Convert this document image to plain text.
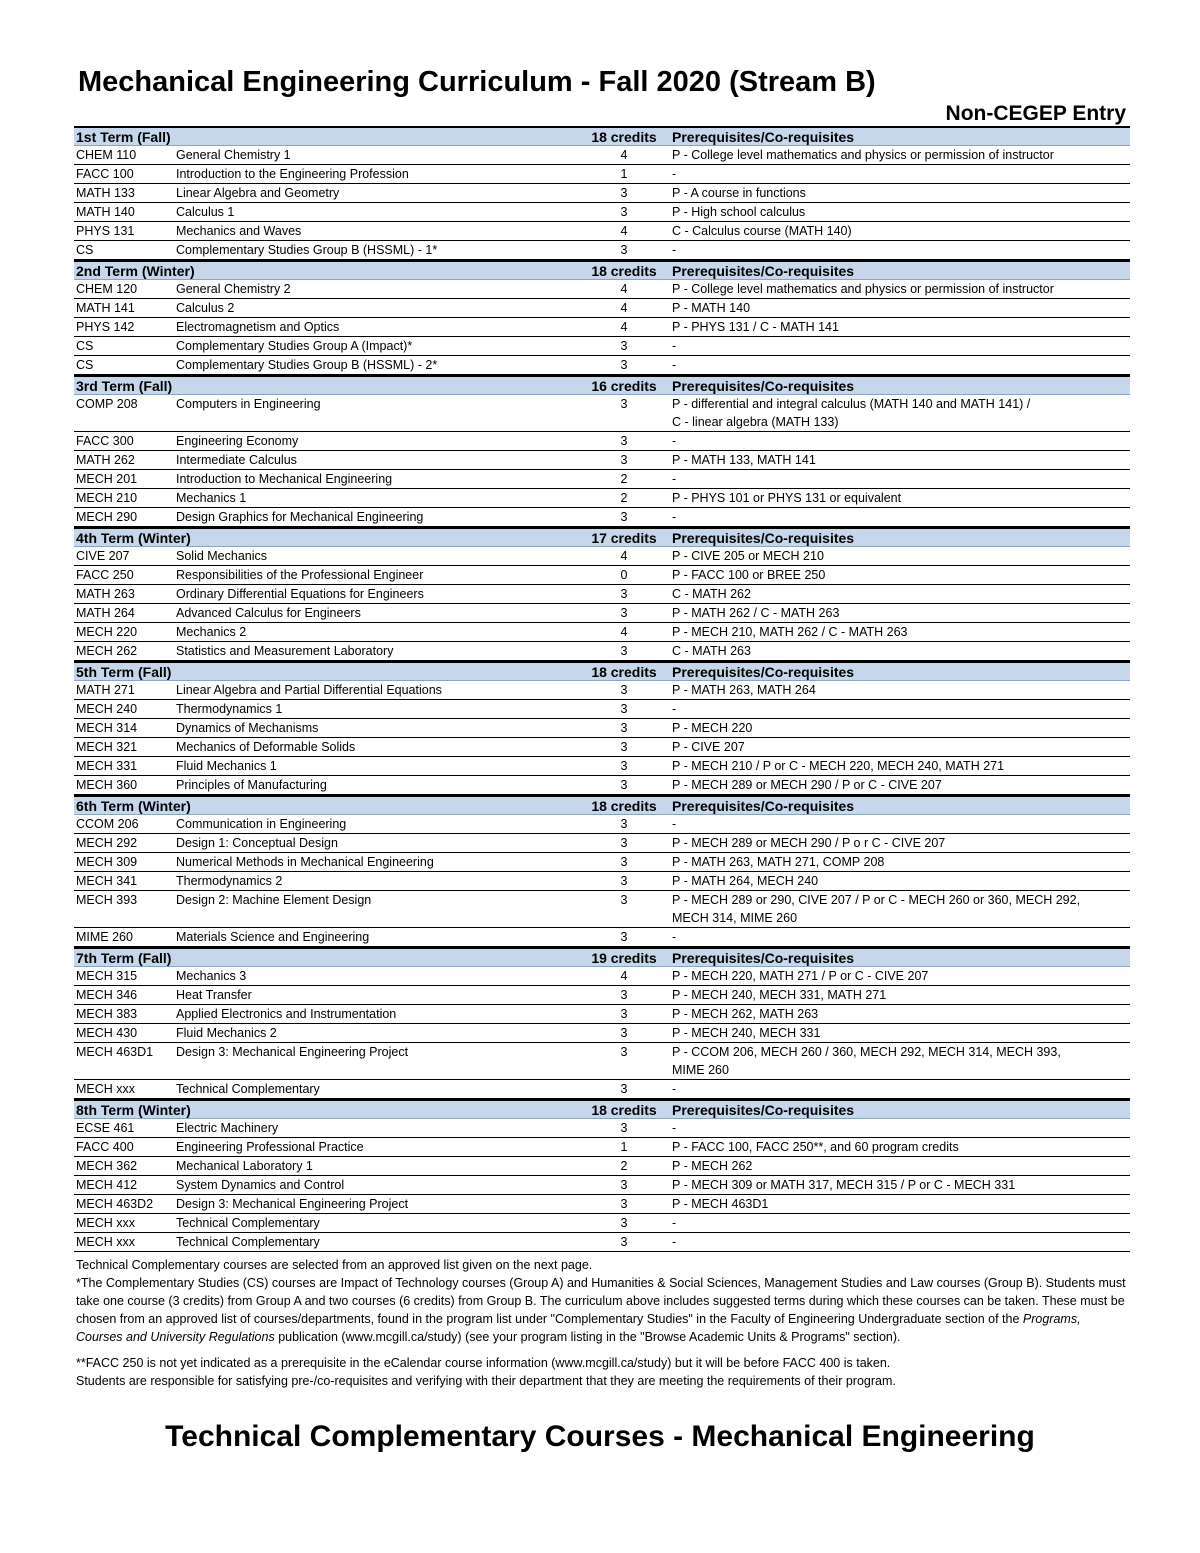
Mechanical Engineering Curriculum - Fall 2020 (Stream B)
Non-CEGEP Entry
1st Term (Fall)	18 credits	Prerequisites/Co-requisites
CHEM 110	General Chemistry 1	4	P - College level mathematics and physics or permission of instructor
FACC 100	Introduction to the Engineering Profession	1	-
MATH 133	Linear Algebra and Geometry	3	P - A course in functions
MATH 140	Calculus 1	3	P - High school calculus
PHYS 131	Mechanics and Waves	4	C - Calculus course (MATH 140)
CS	Complementary Studies Group B (HSSML) - 1*	3	-
2nd Term (Winter)	18 credits	Prerequisites/Co-requisites
CHEM 120	General Chemistry 2	4	P - College level mathematics and physics or permission of instructor
MATH 141	Calculus 2	4	P - MATH 140
PHYS 142	Electromagnetism and Optics	4	P - PHYS 131 / C - MATH 141
CS	Complementary Studies Group A (Impact)*	3	-
CS	Complementary Studies Group B (HSSML) - 2*	3	-
3rd Term (Fall)	16 credits	Prerequisites/Co-requisites
COMP 208	Computers in Engineering	3	P - differential and integral calculus (MATH 140 and MATH 141) /
C - linear algebra (MATH 133)
FACC 300	Engineering Economy	3	-
MATH 262	Intermediate Calculus	3	P - MATH 133, MATH 141
MECH 201	Introduction to Mechanical Engineering	2	-
MECH 210	Mechanics 1	2	P - PHYS 101 or PHYS 131 or equivalent
MECH 290	Design Graphics for Mechanical Engineering	3	-
4th Term (Winter)	17 credits	Prerequisites/Co-requisites
CIVE 207	Solid Mechanics	4	P - CIVE 205 or MECH 210
FACC 250	Responsibilities of the Professional Engineer	0	P - FACC 100 or BREE 250
MATH 263	Ordinary Differential Equations for Engineers	3	C - MATH 262
MATH 264	Advanced Calculus for Engineers	3	P - MATH 262 / C - MATH 263
MECH 220	Mechanics 2	4	P - MECH 210, MATH 262 / C - MATH 263
MECH 262	Statistics and Measurement Laboratory	3	C - MATH 263
5th Term (Fall)	18 credits	Prerequisites/Co-requisites
MATH 271	Linear Algebra and Partial Differential Equations	3	P - MATH 263, MATH 264
MECH 240	Thermodynamics 1	3	-
MECH 314	Dynamics of Mechanisms	3	P - MECH 220
MECH 321	Mechanics of Deformable Solids	3	P - CIVE 207
MECH 331	Fluid Mechanics 1	3	P - MECH 210 / P or C - MECH 220, MECH 240, MATH 271
MECH 360	Principles of Manufacturing	3	P - MECH 289 or MECH 290 / P or C - CIVE 207
6th Term (Winter)	18 credits	Prerequisites/Co-requisites
CCOM 206	Communication in Engineering	3	-
MECH 292	Design 1: Conceptual Design	3	P - MECH 289 or MECH 290 / P o r C - CIVE 207
MECH 309	Numerical Methods in Mechanical Engineering	3	P - MATH 263, MATH 271, COMP 208
MECH 341	Thermodynamics 2	3	P - MATH 264, MECH 240
MECH 393	Design 2: Machine Element Design	3	P - MECH 289 or 290, CIVE 207 / P or C - MECH 260 or 360, MECH 292,
MECH 314, MIME 260
MIME 260	Materials Science and Engineering	3	-
7th Term (Fall)	19 credits	Prerequisites/Co-requisites
MECH 315	Mechanics 3	4	P - MECH 220, MATH 271 / P or C - CIVE 207
MECH 346	Heat Transfer	3	P - MECH 240, MECH 331, MATH 271
MECH 383	Applied Electronics and Instrumentation	3	P - MECH 262, MATH 263
MECH 430	Fluid Mechanics 2	3	P - MECH 240, MECH 331
MECH 463D1	Design 3: Mechanical Engineering Project	3	P - CCOM 206, MECH 260 / 360, MECH 292, MECH 314, MECH 393,
MIME 260
MECH xxx	Technical Complementary	3	-
8th Term (Winter)	18 credits	Prerequisites/Co-requisites
ECSE 461	Electric Machinery	3	-
FACC 400	Engineering Professional Practice	1	P - FACC 100, FACC 250**, and 60 program credits
MECH 362	Mechanical Laboratory 1	2	P - MECH 262
MECH 412	System Dynamics and Control	3	P - MECH 309 or MATH 317, MECH 315 / P or C - MECH 331
MECH 463D2	Design 3: Mechanical Engineering Project	3	P - MECH 463D1
MECH xxx	Technical Complementary	3	-
MECH xxx	Technical Complementary	3	-

Technical Complementary courses are selected from an approved list given on the next page.

*The Complementary Studies (CS) courses are Impact of Technology courses (Group A) and Humanities & Social Sciences, Management Studies and Law courses (Group B). Students must take one course (3 credits) from Group A and two courses (6 credits) from Group B. The curriculum above includes suggested terms during which these courses can be taken. These must be chosen from an approved list of courses/departments, found in the program list under "Complementary Studies" in the Faculty of Engineering Undergraduate section of the Programs, Courses and University Regulations publication (www.mcgill.ca/study) (see your program listing in the "Browse Academic Units & Programs" section).

**FACC 250 is not yet indicated as a prerequisite in the eCalendar course information (www.mcgill.ca/study) but it will be before FACC 400 is taken.

Students are responsible for satisfying pre-/co-requisites and verifying with their department that they are meeting the requirements of their program.

Technical Complementary Courses - Mechanical Engineering
